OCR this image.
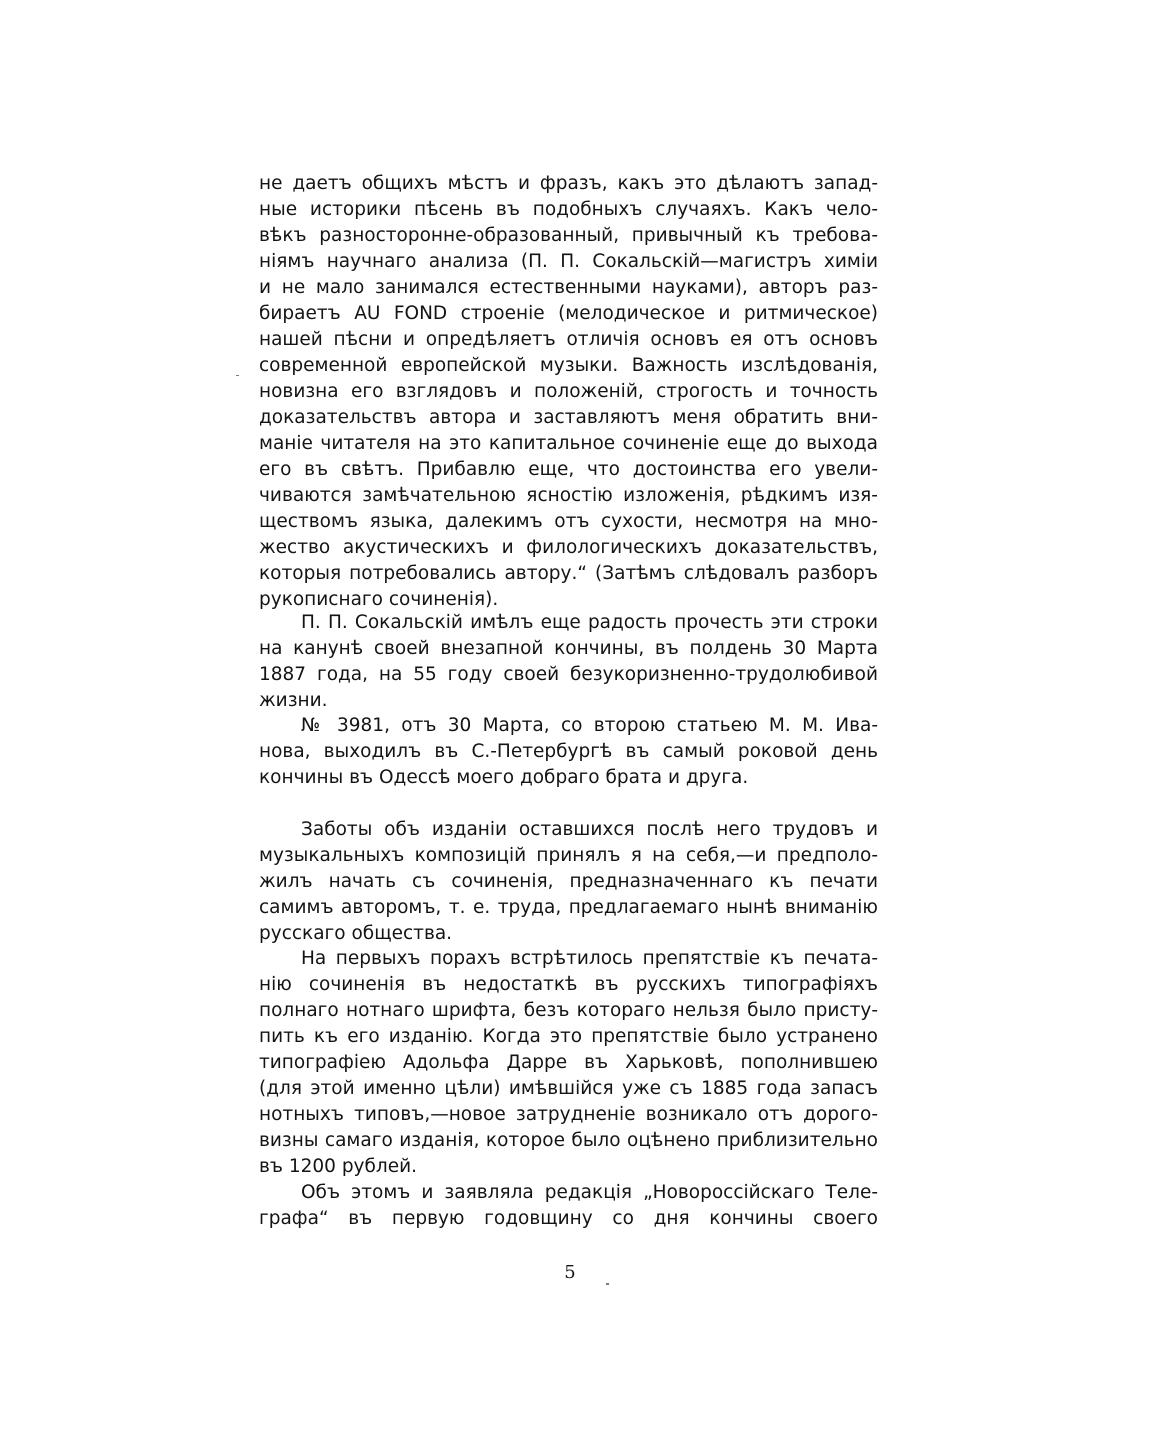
не даетъ общихъ мѣстъ и фразъ, какъ это дѣлаютъ запад-
ные историки пѣсень въ подобныхъ случаяхъ. Какъ чело-
вѣкъ разносторонне-образованный, привычный къ требова-
ніямъ научнаго анализа (П. П. Сокальскій—магистръ химіи
и не мало занимался естественными науками), авторъ раз-
бираетъ AU FOND строеніе (мелодическое и ритмическое)
нашей пѣсни и опредѣляетъ отличія основъ ея отъ основъ
современной европейской музыки. Важность изслѣдованія,
новизна его взглядовъ и положеній, строгость и точность
доказательствъ автора и заставляютъ меня обратить вни-
маніе читателя на это капитальное сочиненіе еще до выхода
его въ свѣтъ. Прибавлю еще, что достоинства его увели-
чиваются замѣчательною ясностію изложенія, рѣдкимъ изя-
ществомъ языка, далекимъ отъ сухости, несмотря на мно-
жество акустическихъ и филологическихъ доказательствъ,
которыя потребовались автору.“ (Затѣмъ слѣдовалъ разборъ
рукописнаго сочиненія).
П. П. Сокальскій имѣлъ еще радость прочесть эти строки
на канунѣ своей внезапной кончины, въ полдень 30 Марта
1887 года, на 55 году своей безукоризненно-трудолюбивой
жизни.
№ 3981, отъ 30 Марта, со второю статьею М. М. Ива-
нова, выходилъ въ С.-Петербургѣ въ самый роковой день
кончины въ Одессѣ моего добраго брата и друга.
Заботы объ изданіи оставшихся послѣ него трудовъ и
музыкальныхъ композицій принялъ я на себя,—и предполо-
жилъ начать съ сочиненія, предназначеннаго къ печати
самимъ авторомъ, т. е. труда, предлагаемаго нынѣ вниманію
русскаго общества.
На первыхъ порахъ встрѣтилось препятствіе къ печата-
нію сочиненія въ недостаткѣ въ русскихъ типографіяхъ
полнаго нотнаго шрифта, безъ котораго нельзя было присту-
пить къ его изданію. Когда это препятствіе было устранено
типографіею Адольфа Дарре въ Харьковѣ, пополнившею
(для этой именно цѣли) имѣвшійся уже съ 1885 года запасъ
нотныхъ типовъ,—новое затрудненіе возникало отъ дорого-
визны самаго изданія, которое было оцѣнено приблизительно
въ 1200 рублей.
Объ этомъ и заявляла редакція „Новороссійскаго Теле-
графа“ въ первую годовщину со дня кончины своего
5
